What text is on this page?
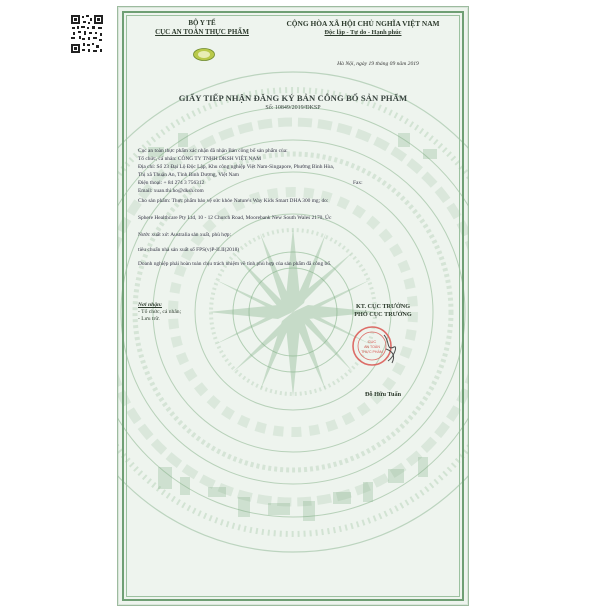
BỘ Y TẾ
CỤC AN TOÀN THỰC PHẨM
CỘNG HÒA XÃ HỘI CHỦ NGHĨA VIỆT NAM
Độc lập - Tự do - Hạnh phúc
Hà Nội, ngày 19 tháng 09 năm 2019
GIẤY TIẾP NHẬN ĐĂNG KÝ BẢN CÔNG BỐ SẢN PHẨM
Số: 10849/2019/ĐKSP
Cục an toàn thực phẩm xác nhận đã nhận Bản công bố sản phẩm của:
Tổ chức, cá nhân: CÔNG TY TNHH DKSH VIỆT NAM
Địa chỉ: Số 23 Đại Lộ Độc Lập, Khu công nghiệp Việt Nam-Singapore, Phường Bình Hòa,
Thị xã Thuận An, Tỉnh Bình Dương, Việt Nam
Điện thoại: + 84 274 3 756312	Fax:
Email: xuan.thi.ho@dksh.com
Cho sản phẩm: Thực phẩm bảo vệ sức khỏe Nature's Way Kids Smart DHA 300 mg; do:
Sphere Healthcare Pty Ltd, 10 - 12 Church Road, Moorebank New South Wales 2170, Úc
Nước xuất xứ: Australia sản xuất, phù hợp:
tiêu chuẩn nhà sản xuất số FPS(v)P-II.II(2018)
Doanh nghiệp phải hoàn toàn chịu trách nhiệm về tính phù hợp của sản phẩm đã công bố.
Nơi nhận:
- Tổ chức, cá nhân;
- Lưu trữ.
KT. CỤC TRƯỞNG
PHÓ CỤC TRƯỞNG
CỤC
AN TOÀN
THỰC PHẨM
Đỗ Hữu Tuấn
